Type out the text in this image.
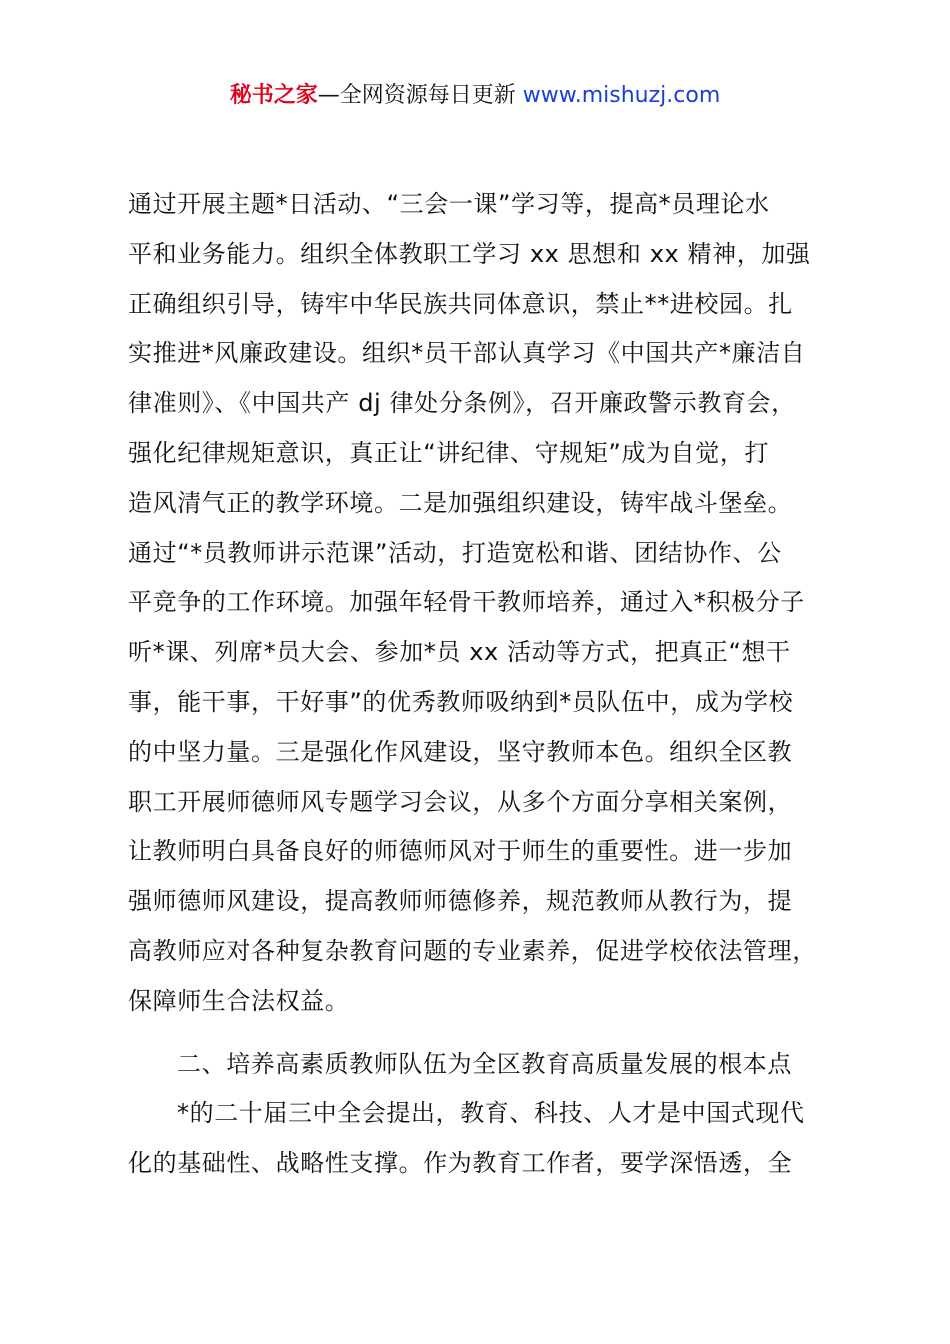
秘书之家—全网资源每日更新 www.mishuzj.com
通过开展主题*日活动、“三会一课”学习等，提高*员理论水
平和业务能力。组织全体教职工学习 xx 思想和 xx 精神，加强
正确组织引导，铸牢中华民族共同体意识，禁止**进校园。扎
实推进*风廉政建设。组织*员干部认真学习《中国共产*廉洁自
律准则》、《中国共产 dj 律处分条例》，召开廉政警示教育会，
强化纪律规矩意识，真正让“讲纪律、守规矩”成为自觉，打
造风清气正的教学环境。二是加强组织建设，铸牢战斗堡垒。
通过“*员教师讲示范课”活动，打造宽松和谐、团结协作、公
平竞争的工作环境。加强年轻骨干教师培养，通过入*积极分子
听*课、列席*员大会、参加*员 xx 活动等方式，把真正“想干
事，能干事，干好事”的优秀教师吸纳到*员队伍中，成为学校
的中坚力量。三是强化作风建设，坚守教师本色。组织全区教
职工开展师德师风专题学习会议，从多个方面分享相关案例，
让教师明白具备良好的师德师风对于师生的重要性。进一步加
强师德师风建设，提高教师师德修养，规范教师从教行为，提
高教师应对各种复杂教育问题的专业素养，促进学校依法管理，
保障师生合法权益。
二、培养高素质教师队伍为全区教育高质量发展的根本点
*的二十届三中全会提出，教育、科技、人才是中国式现代
化的基础性、战略性支撑。作为教育工作者，要学深悟透，全
